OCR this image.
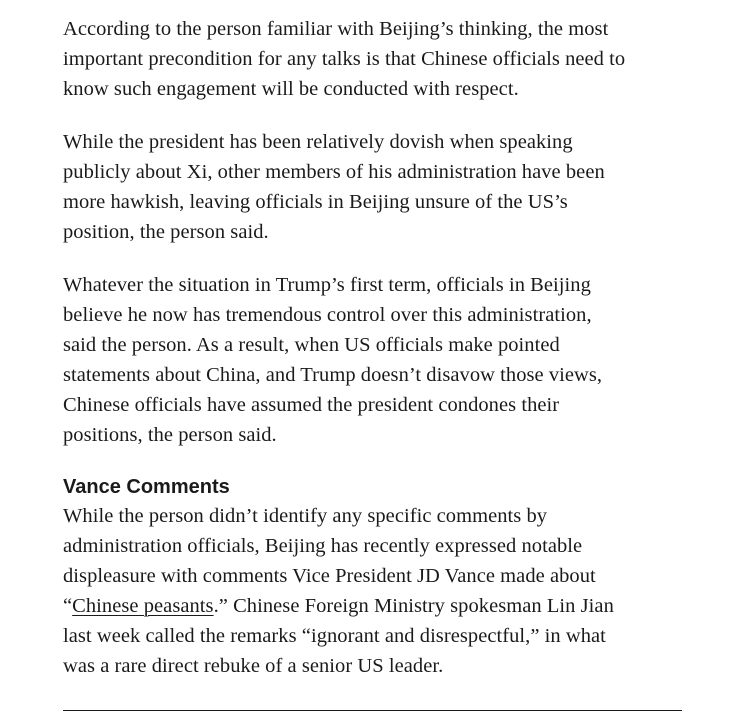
According to the person familiar with Beijing’s thinking, the most
important precondition for any talks is that Chinese officials need to
know such engagement will be conducted with respect.

While the president has been relatively dovish when speaking
publicly about Xi, other members of his administration have been
more hawkish, leaving officials in Beijing unsure of the US’s
position, the person said.

Whatever the situation in Trump’s first term, officials in Beijing
believe he now has tremendous control over this administration,
said the person. As a result, when US officials make pointed
statements about China, and Trump doesn’t disavow those views,
Chinese officials have assumed the president condones their
positions, the person said.

Vance Comments

While the person didn’t identify any specific comments by
administration officials, Beijing has recently expressed notable
displeasure with comments Vice President JD Vance made about
“Chinese peasants.” Chinese Foreign Ministry spokesman Lin Jian
last week called the remarks “ignorant and disrespectful,” in what
was a rare direct rebuke of a senior US leader.
